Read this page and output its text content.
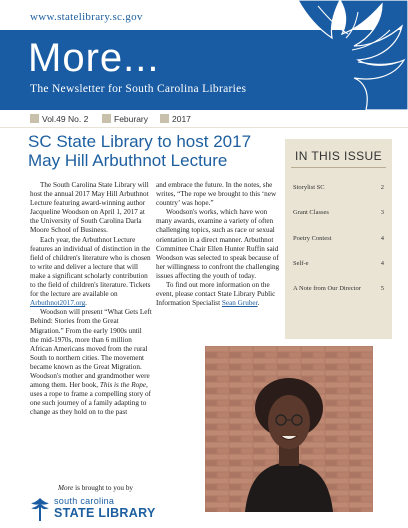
www.statelibrary.sc.gov
More...
The Newsletter for South Carolina Libraries
Vol.49 No. 2	Feburary	2017
SC State Library to host 2017
May Hill Arbuthnot Lecture

The South Carolina State Library will host the annual 2017 May Hill Arbuthnot Lecture featuring award-winning author Jacqueline Woodson on April 1, 2017 at the University of South Carolina Darla Moore School of Business.

Each year, the Arbuthnot Lecture features an individual of distinction in the field of children's literature who is chosen to write and deliver a lecture that will make a significant scholarly contribution to the field of children's literature. Tickets for the lecture are available on Arbuthnot2017.org.

Woodson will present “What Gets Left Behind: Stories from the Great Migration.” From the early 1900s until the mid-1970s, more than 6 million African Americans moved from the rural South to northern cities. The movement became known as the Great Migration. Woodson's mother and grandmother were among them. Her book, This is the Rope, uses a rope to frame a compelling story of one such journey of a family adapting to change as they hold on to the past

and embrace the future. In the notes, she writes, “The rope we brought to this ‘new country’ was hope.”

Woodson's works, which have won many awards, examine a variety of often challenging topics, such as race or sexual orientation in a direct manner. Arbuthnot Committee Chair Ellen Hunter Ruffin said Woodson was selected to speak because of her willingness to confront the challenging issues affecting the youth of today.

To find out more information on the event, please contact State Library Public Information Specialist Sean Gruber.

IN THIS ISSUE
Storylist SC	2
Grant Classes	3
Poetry Contest	4
Self-e	4
A Note from Our Director	5
More is brought to you by
south carolina
STATE LIBRARY
